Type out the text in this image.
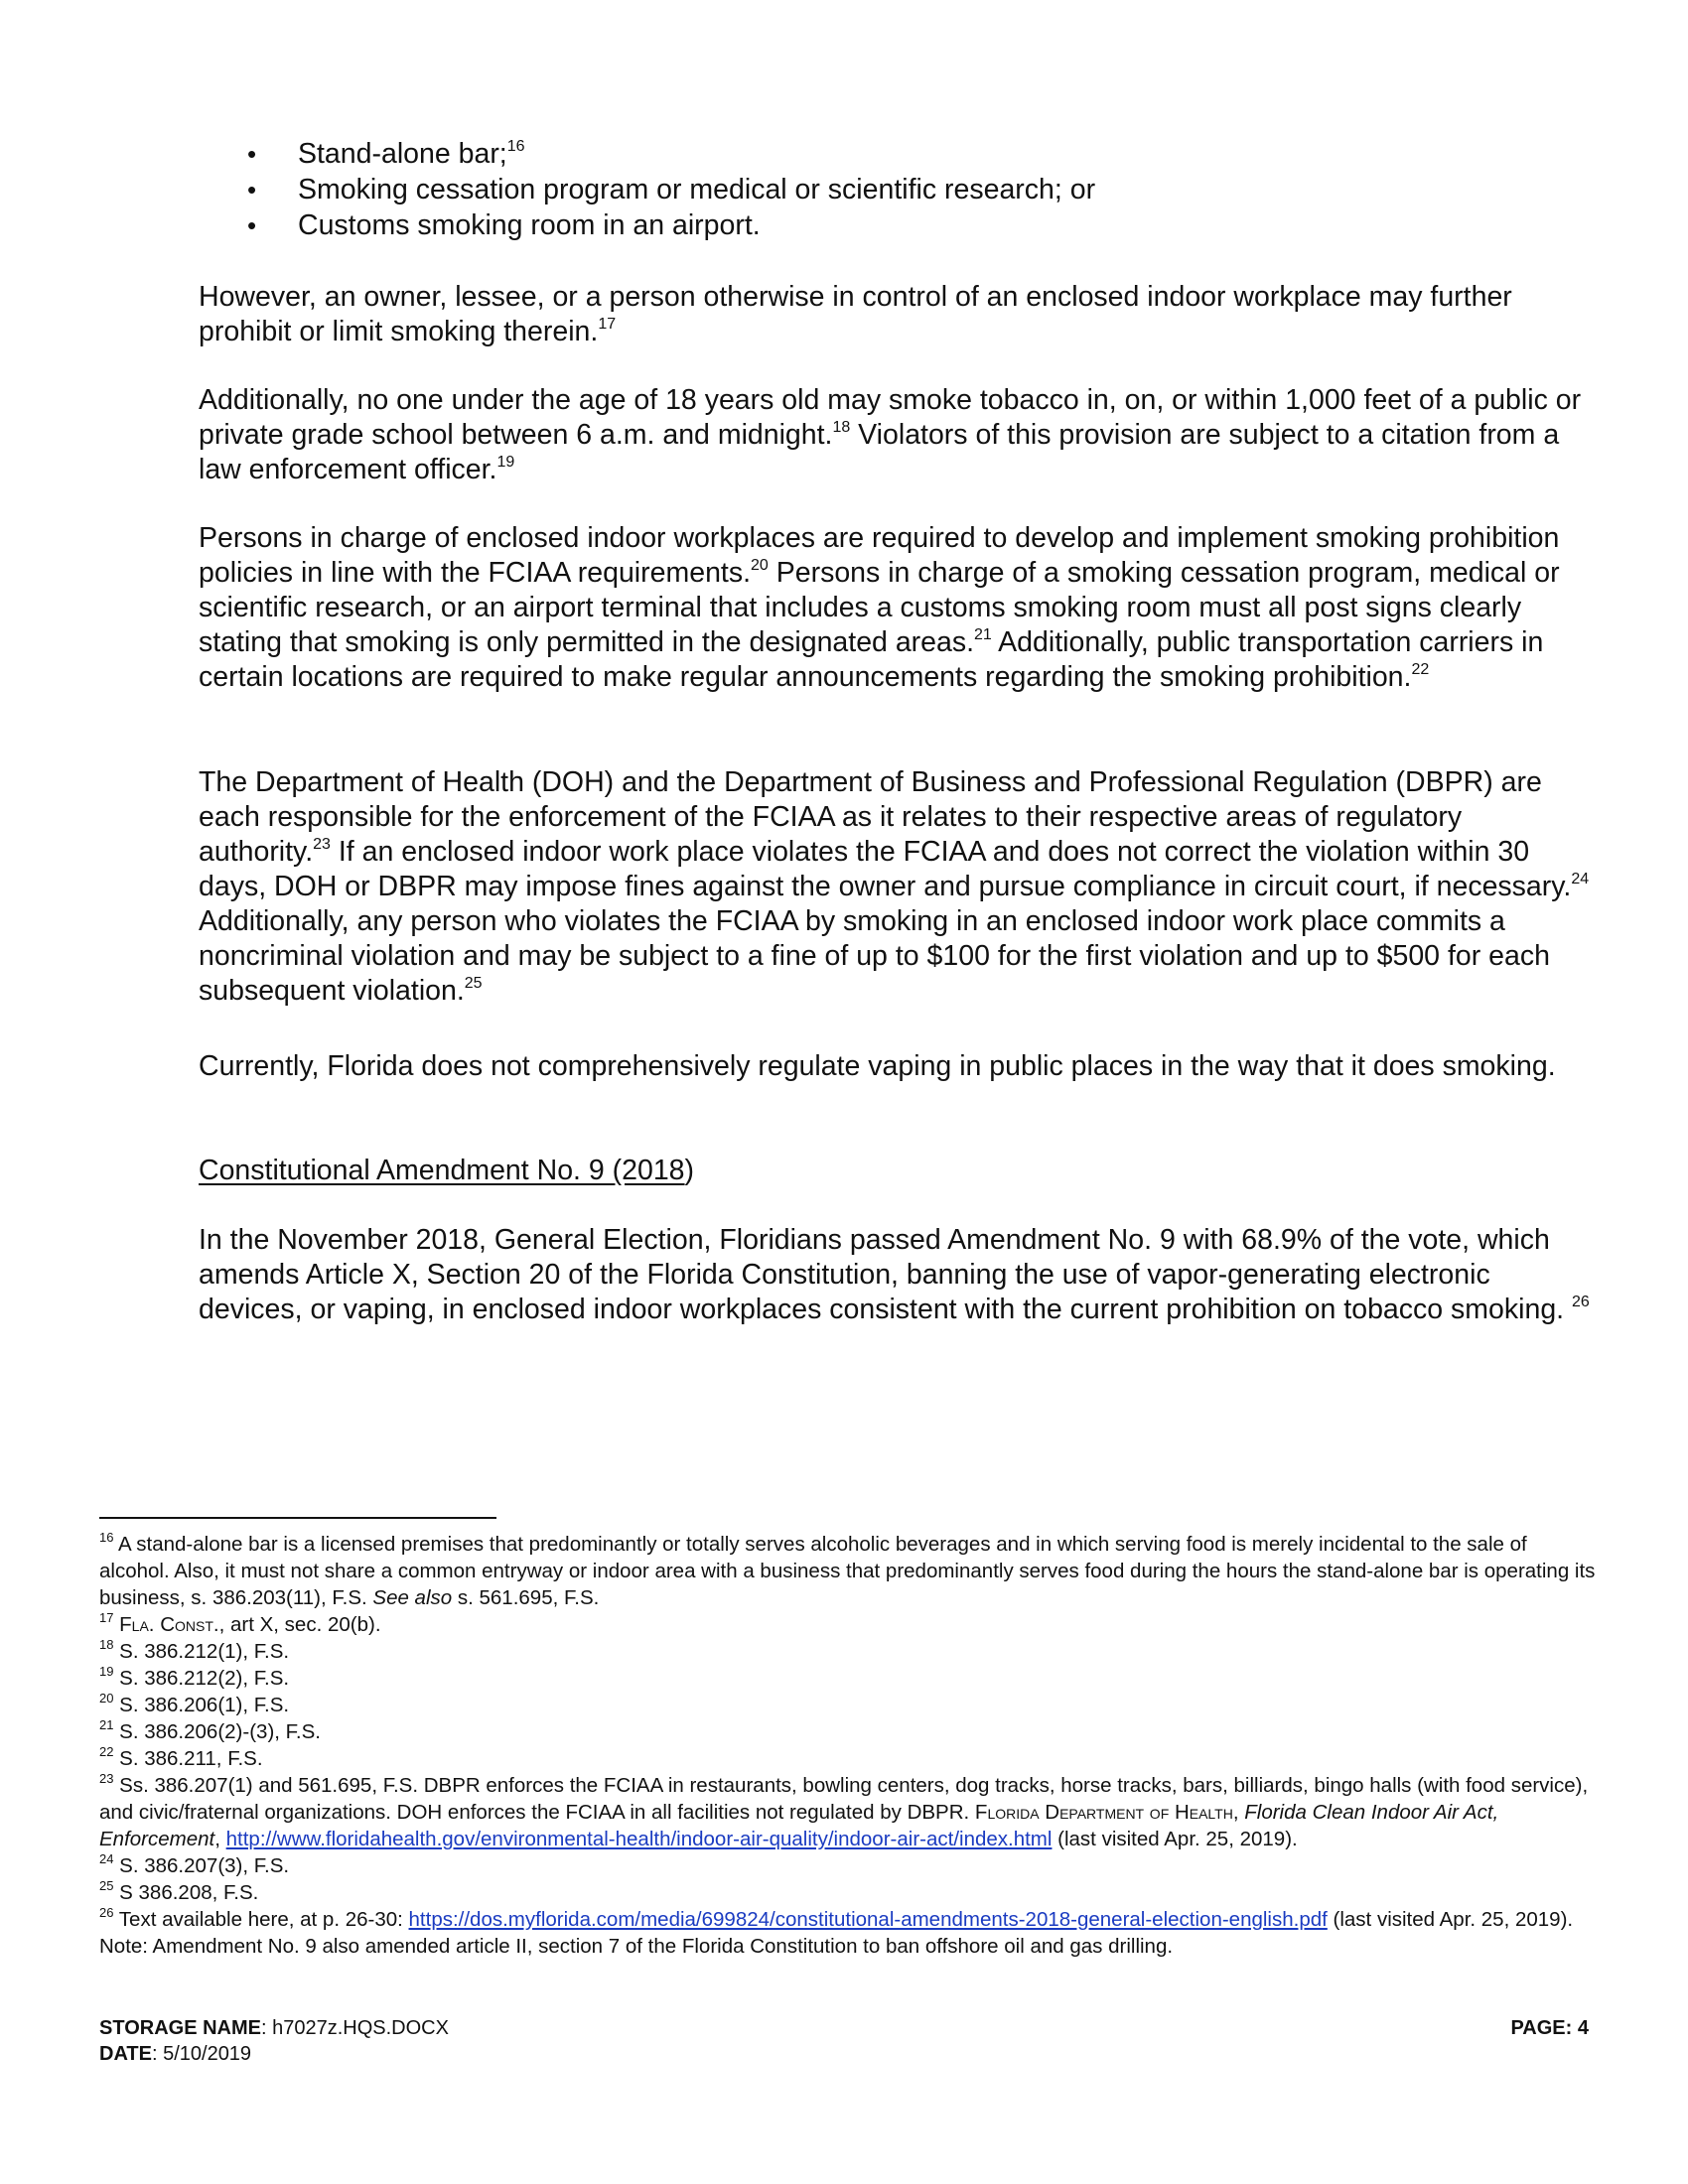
• Stand-alone bar;$^{16}$
• Smoking cessation program or medical or scientific research; or
• Customs smoking room in an airport.

However, an owner, lessee, or a person otherwise in control of an enclosed indoor workplace may further prohibit or limit smoking therein.$^{17}$

Additionally, no one under the age of 18 years old may smoke tobacco in, on, or within 1,000 feet of a public or private grade school between 6 a.m. and midnight.$^{18}$ Violators of this provision are subject to a citation from a law enforcement officer.$^{19}$

Persons in charge of enclosed indoor workplaces are required to develop and implement smoking prohibition policies in line with the FCIAA requirements.$^{20}$ Persons in charge of a smoking cessation program, medical or scientific research, or an airport terminal that includes a customs smoking room must all post signs clearly stating that smoking is only permitted in the designated areas.$^{21}$ Additionally, public transportation carriers in certain locations are required to make regular announcements regarding the smoking prohibition.$^{22}$

The Department of Health (DOH) and the Department of Business and Professional Regulation (DBPR) are each responsible for the enforcement of the FCIAA as it relates to their respective areas of regulatory authority.$^{23}$ If an enclosed indoor work place violates the FCIAA and does not correct the violation within 30 days, DOH or DBPR may impose fines against the owner and pursue compliance in circuit court, if necessary.$^{24}$ Additionally, any person who violates the FCIAA by smoking in an enclosed indoor work place commits a noncriminal violation and may be subject to a fine of up to $100 for the first violation and up to $500 for each subsequent violation.$^{25}$

Currently, Florida does not comprehensively regulate vaping in public places in the way that it does smoking.

Constitutional Amendment No. 9 (2018)

In the November 2018, General Election, Floridians passed Amendment No. 9 with 68.9% of the vote, which amends Article X, Section 20 of the Florida Constitution, banning the use of vapor-generating electronic devices, or vaping, in enclosed indoor workplaces consistent with the current prohibition on tobacco smoking. $^{26}$

$^{16}$ A stand-alone bar is a licensed premises that predominantly or totally serves alcoholic beverages and in which serving food is merely incidental to the sale of alcohol. Also, it must not share a common entryway or indoor area with a business that predominantly serves food during the hours the stand-alone bar is operating its business, s. 386.203(11), F.S. See also s. 561.695, F.S.

$^{17}$ Fla. Const., art X, sec. 20(b).

$^{18}$ S. 386.212(1), F.S.

$^{19}$ S. 386.212(2), F.S.

$^{20}$ S. 386.206(1), F.S.

$^{21}$ S. 386.206(2)-(3), F.S.

$^{22}$ S. 386.211, F.S.

$^{23}$ Ss. 386.207(1) and 561.695, F.S. DBPR enforces the FCIAA in restaurants, bowling centers, dog tracks, horse tracks, bars, billiards, bingo halls (with food service), and civic/fraternal organizations. DOH enforces the FCIAA in all facilities not regulated by DBPR. Florida Department of Health, Florida Clean Indoor Air Act, Enforcement, http://www.floridahealth.gov/environmental-health/indoor-air-quality/indoor-air-act/index.html (last visited Apr. 25, 2019).

$^{24}$ S. 386.207(3), F.S.

$^{25}$ S 386.208, F.S.

$^{26}$ Text available here, at p. 26-30: https://dos.myflorida.com/media/699824/constitutional-amendments-2018-general-election-english.pdf (last visited Apr. 25, 2019). Note: Amendment No. 9 also amended article II, section 7 of the Florida Constitution to ban offshore oil and gas drilling.

STORAGE NAME: h7027z.HQS.DOCX
DATE: 5/10/2019
PAGE: 4
